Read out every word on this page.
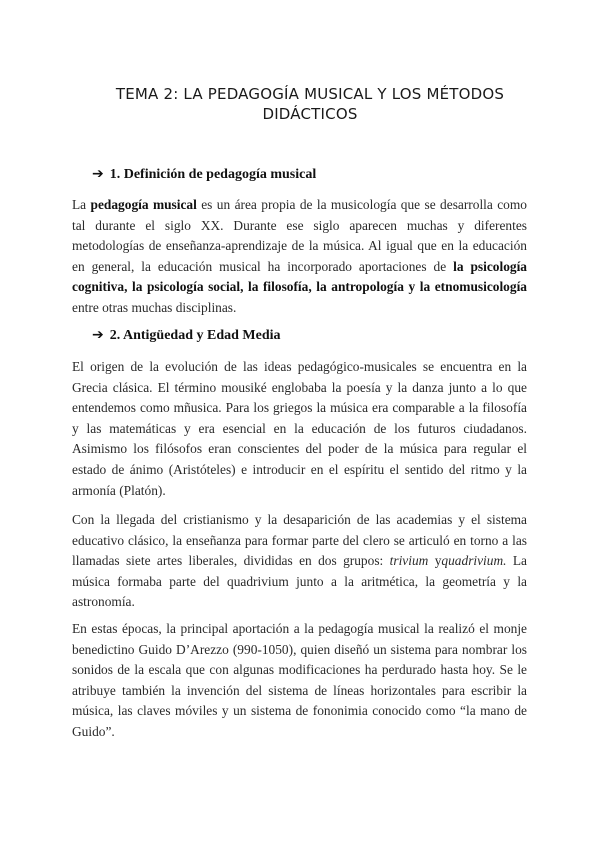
TEMA 2: LA PEDAGOGÍA MUSICAL Y LOS MÉTODOS
DIDÁCTICOS
➔ 1. Definición de pedagogía musical

La pedagogía musical es un área propia de la musicología que se desarrolla como tal durante el siglo XX. Durante ese siglo aparecen muchas y diferentes metodologías de enseñanza-aprendizaje de la música. Al igual que en la educación en general, la educación musical ha incorporado aportaciones de la psicología cognitiva, la psicología social, la filosofía, la antropología y la etnomusicología entre otras muchas disciplinas.

➔ 2. Antigüedad y Edad Media

El origen de la evolución de las ideas pedagógico-musicales se encuentra en la Grecia clásica. El término mousiké englobaba la poesía y la danza junto a lo que entendemos como mñusica. Para los griegos la música era comparable a la filosofía y las matemáticas y era esencial en la educación de los futuros ciudadanos. Asimismo los filósofos eran conscientes del poder de la música para regular el estado de ánimo (Aristóteles) e introducir en el espíritu el sentido del ritmo y la armonía (Platón).

Con la llegada del cristianismo y la desaparición de las academias y el sistema educativo clásico, la enseñanza para formar parte del clero se articuló en torno a las llamadas siete artes liberales, divididas en dos grupos: trivium yquadrivium. La música formaba parte del quadrivium junto a la aritmética, la geometría y la astronomía.

En estas épocas, la principal aportación a la pedagogía musical la realizó el monje benedictino Guido D’Arezzo (990-1050), quien diseñó un sistema para nombrar los sonidos de la escala que con algunas modificaciones ha perdurado hasta hoy. Se le atribuye también la invención del sistema de líneas horizontales para escribir la música, las claves móviles y un sistema de fononimia conocido como “la mano de Guido”.
